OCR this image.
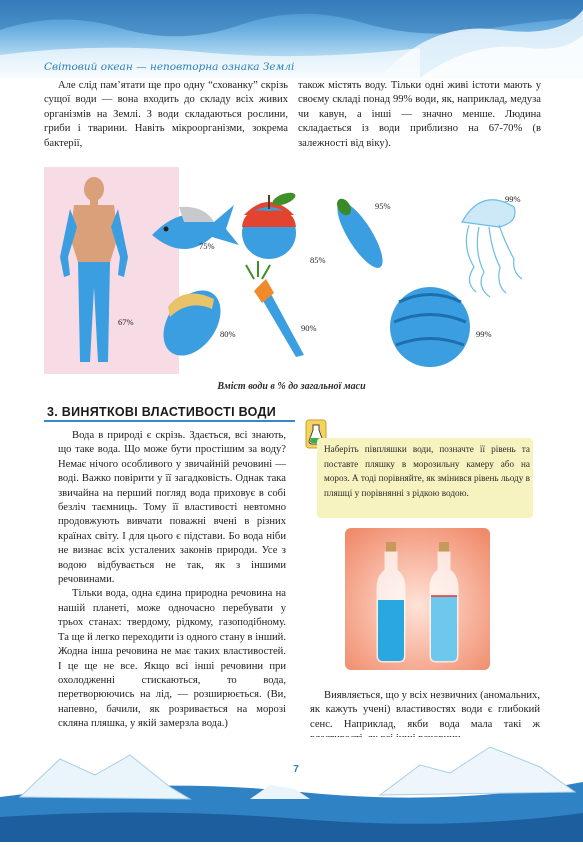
Світовий океан — неповторна ознака Землі

Але слід пам’ятати ще про одну “схованку” скрізь сущої води — вона входить до складу всіх живих організмів на Землі. З води складаються рослини, гриби і тварини. Навіть мікроорганізми, зокрема бактерії,

також містять воду. Тільки одні живі істоти мають у своєму складі понад 99% води, як, наприклад, медуза чи кавун, а інші — значно менше. Людина складається із води приблизно на 67-70% (в залежності від віку).

75%
85%
95%
99%
67%
80%
90%
99%
Вміст води в % до загальної маси
3. ВИНЯТКОВІ ВЛАСТИВОСТІ ВОДИ

Вода в природі є скрізь. Здається, всі знають, що таке вода. Що може бути простішим за воду? Немає нічого особливого у звичайній речовині — воді. Важко повірити у її загадковість. Однак така звичайна на перший погляд вода приховує в собі безліч таємниць. Тому її властивості невтомно продовжують вивчати поважні вчені в різних країнах світу. І для цього є підстави. Бо вода ніби не визнає всіх усталених законів природи. Усе з водою відбувається не так, як з іншими речовинами.

Тільки вода, одна єдина природна речовина на нашій планеті, може одночасно перебувати у трьох станах: твердому, рідкому, газоподібному. Та ще й легко переходити із одного стану в інший. Жодна інша речовина не має таких властивостей. І це ще не все. Якщо всі інші речовини при охолодженні стискаються, то вода, перетворюючись на лід, — розширюється. (Ви, напевно, бачили, як розривається на морозі скляна пляшка, у якій замерзла вода.)

Наберіть півпляшки води, позначте її рівень та поставте пляшку в морозильну камеру або на мороз. А тоді порівняйте, як змінився рівень льоду в пляшці у порівнянні з рідкою водою.

Виявляється, що у всіх незвичних (аномальних, як кажуть учені) властивостях води є глибокий сенс. Наприклад, якби вода мала такі ж

7
